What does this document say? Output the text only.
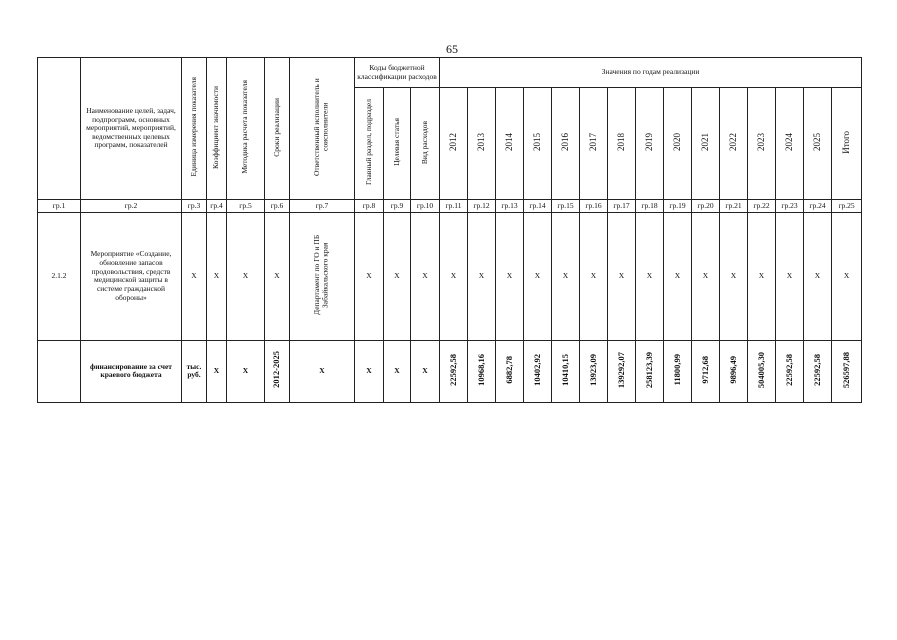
65
	Наименование целей, задач, подпрограмм, основных мероприятий, мероприятий, ведомственных целевых программ, показателей	Единица измерения показателя	Коэффициент значимости	Методика расчета показателя	Сроки реализации	Ответственный исполнитель и соисполнители	Коды бюджетной классификации расходов			Значения по годам реализации														
							Главный раздел, подраздел	Целевая статья	Вид расходов	2012	2013	2014	2015	2016	2017	2018	2019	2020	2021	2022	2023	2024	2025	Итого
гр.1	гр.2	гр.3	гр.4	гр.5	гр.6	гр.7	гр.8	гр.9	гр.10	гр.11	гр.12	гр.13	гр.14	гр.15	гр.16	гр.17	гр.18	гр.19	гр.20	гр.21	гр.22	гр.23	гр.24	гр.25
2.1.2	Мероприятие «Создание, обновление запасов продовольствия, средств медицинской защиты в системе гражданской обороны»	Х	Х	Х	Х	Департамент по ГО и ПБ Забайкальского края	Х	Х	Х	Х	Х	Х	Х	Х	Х	Х	Х	Х	Х	Х	Х	Х	Х	Х
	финансирование за счет краевого бюджета	тыс. руб.	Х	Х	2012-2025	Х	Х	Х	Х	22592,58	10968,16	6882,78	10402,92	10410,15	13923,09	139292,07	258123,39	11800,99	9712,68	9896,49	504005,30	22592,58	22592,58	526597,88
